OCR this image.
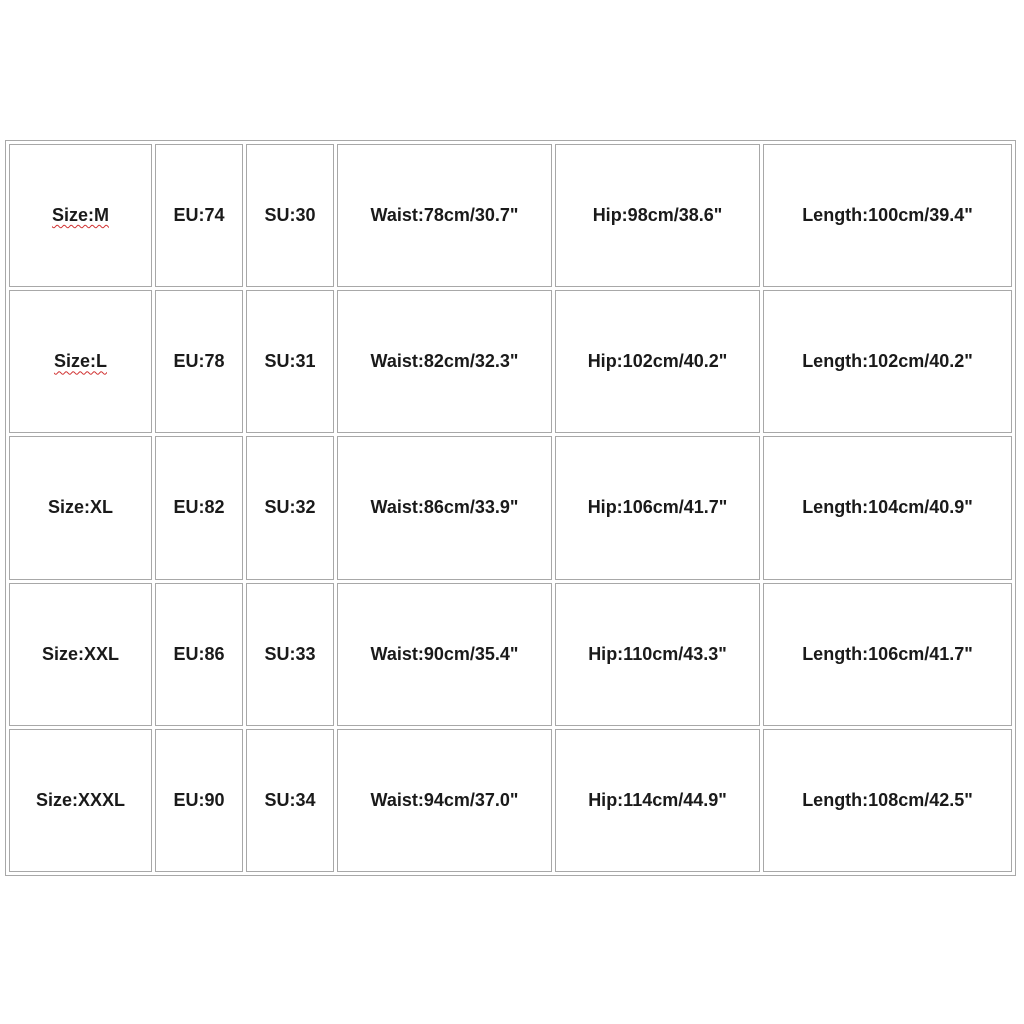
Size:M	EU:74	SU:30	Waist:78cm/30.7"	Hip:98cm/38.6"	Length:100cm/39.4"
Size:L	EU:78	SU:31	Waist:82cm/32.3"	Hip:102cm/40.2"	Length:102cm/40.2"
Size:XL	EU:82	SU:32	Waist:86cm/33.9"	Hip:106cm/41.7"	Length:104cm/40.9"
Size:XXL	EU:86	SU:33	Waist:90cm/35.4"	Hip:110cm/43.3"	Length:106cm/41.7"
Size:XXXL	EU:90	SU:34	Waist:94cm/37.0"	Hip:114cm/44.9"	Length:108cm/42.5"
